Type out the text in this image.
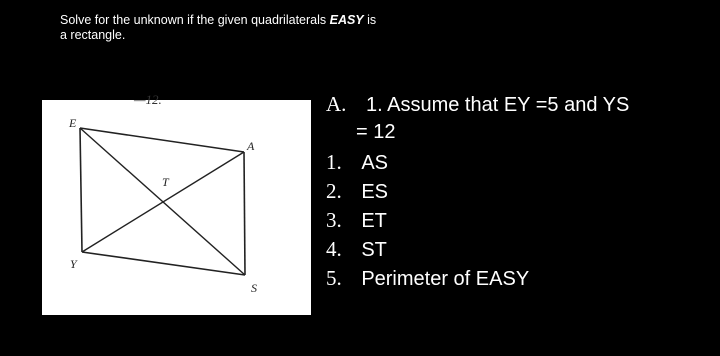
Solve for the unknown if the given quadrilaterals EASY is
a rectangle.
—12.
E
A
S
Y
T
A. 1. Assume that EY =5 and YS
= 12
1. AS
2. ES
3. ET
4. ST
5. Perimeter of EASY
